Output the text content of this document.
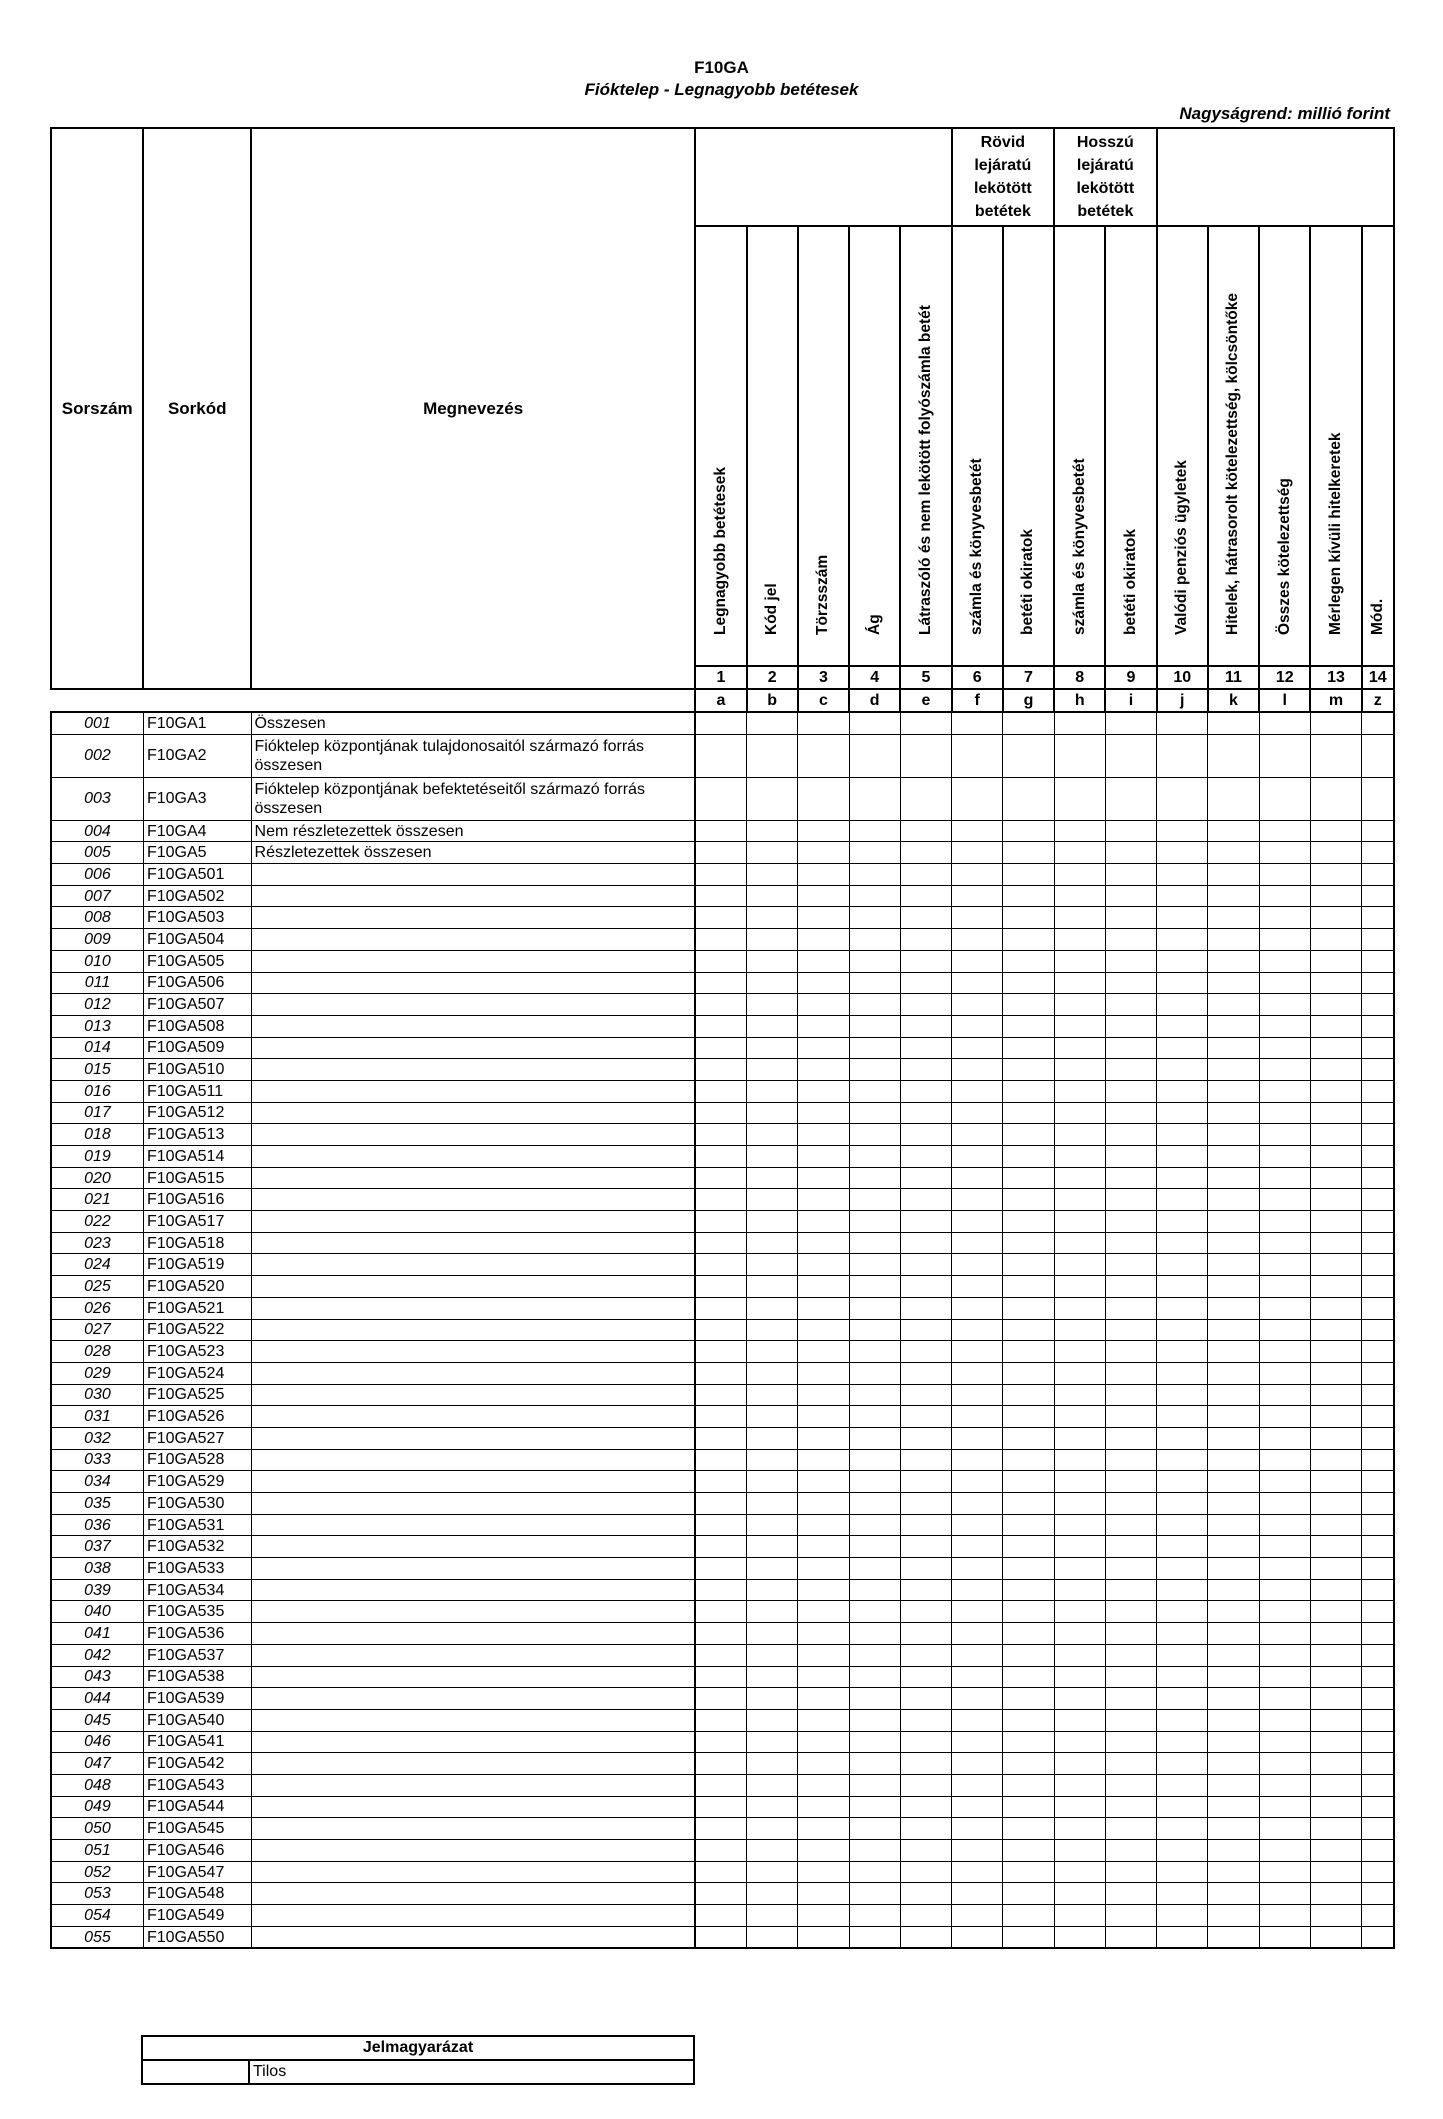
F10GA
Fióktelep - Legnagyobb betétesek
Nagyságrend: millió forint
Sorszám	Sorkód	Megnevezés						Rövid lejáratú lekötött betétek		Hosszú lejáratú lekötött betétek						

			Legnagyobb betétesek	Kód jel	Törzsszám	Ág	Látraszóló és nem lekötött folyószámla betét	számla és könyvesbetét	betéti okiratok	számla és könyvesbetét	betéti okiratok	Valódi penziós ügyletek	Hitelek, hátrasorolt kötelezettség, kölcsöntőke	Összes kötelezettség	Mérlegen kívüli hitelkeretek	Mód.

			1	2	3	4	5	6	7	8	9	10	11	12	13	14
			a	b	c	d	e	f	g	h	i	j	k	l	m	z
001	F10GA1	Összesen														
002	F10GA2	Fióktelep központjának tulajdonosaitól származó forrás összesen														
003	F10GA3	Fióktelep központjának befektetéseitől származó forrás összesen														
004	F10GA4	Nem részletezettek összesen														
005	F10GA5	Részletezettek összesen														
006	F10GA501															
007	F10GA502															
008	F10GA503															
009	F10GA504															
010	F10GA505															
011	F10GA506															
012	F10GA507															
013	F10GA508															
014	F10GA509															
015	F10GA510															
016	F10GA511															
017	F10GA512															
018	F10GA513															
019	F10GA514															
020	F10GA515															
021	F10GA516															
022	F10GA517															
023	F10GA518															
024	F10GA519															
025	F10GA520															
026	F10GA521															
027	F10GA522															
028	F10GA523															
029	F10GA524															
030	F10GA525															
031	F10GA526															
032	F10GA527															
033	F10GA528															
034	F10GA529															
035	F10GA530															
036	F10GA531															
037	F10GA532															
038	F10GA533															
039	F10GA534															
040	F10GA535															
041	F10GA536															
042	F10GA537															
043	F10GA538															
044	F10GA539															
045	F10GA540															
046	F10GA541															
047	F10GA542															
048	F10GA543															
049	F10GA544															
050	F10GA545															
051	F10GA546															
052	F10GA547															
053	F10GA548															
054	F10GA549															
055	F10GA550															
Jelmagyarázat
	Tilos
